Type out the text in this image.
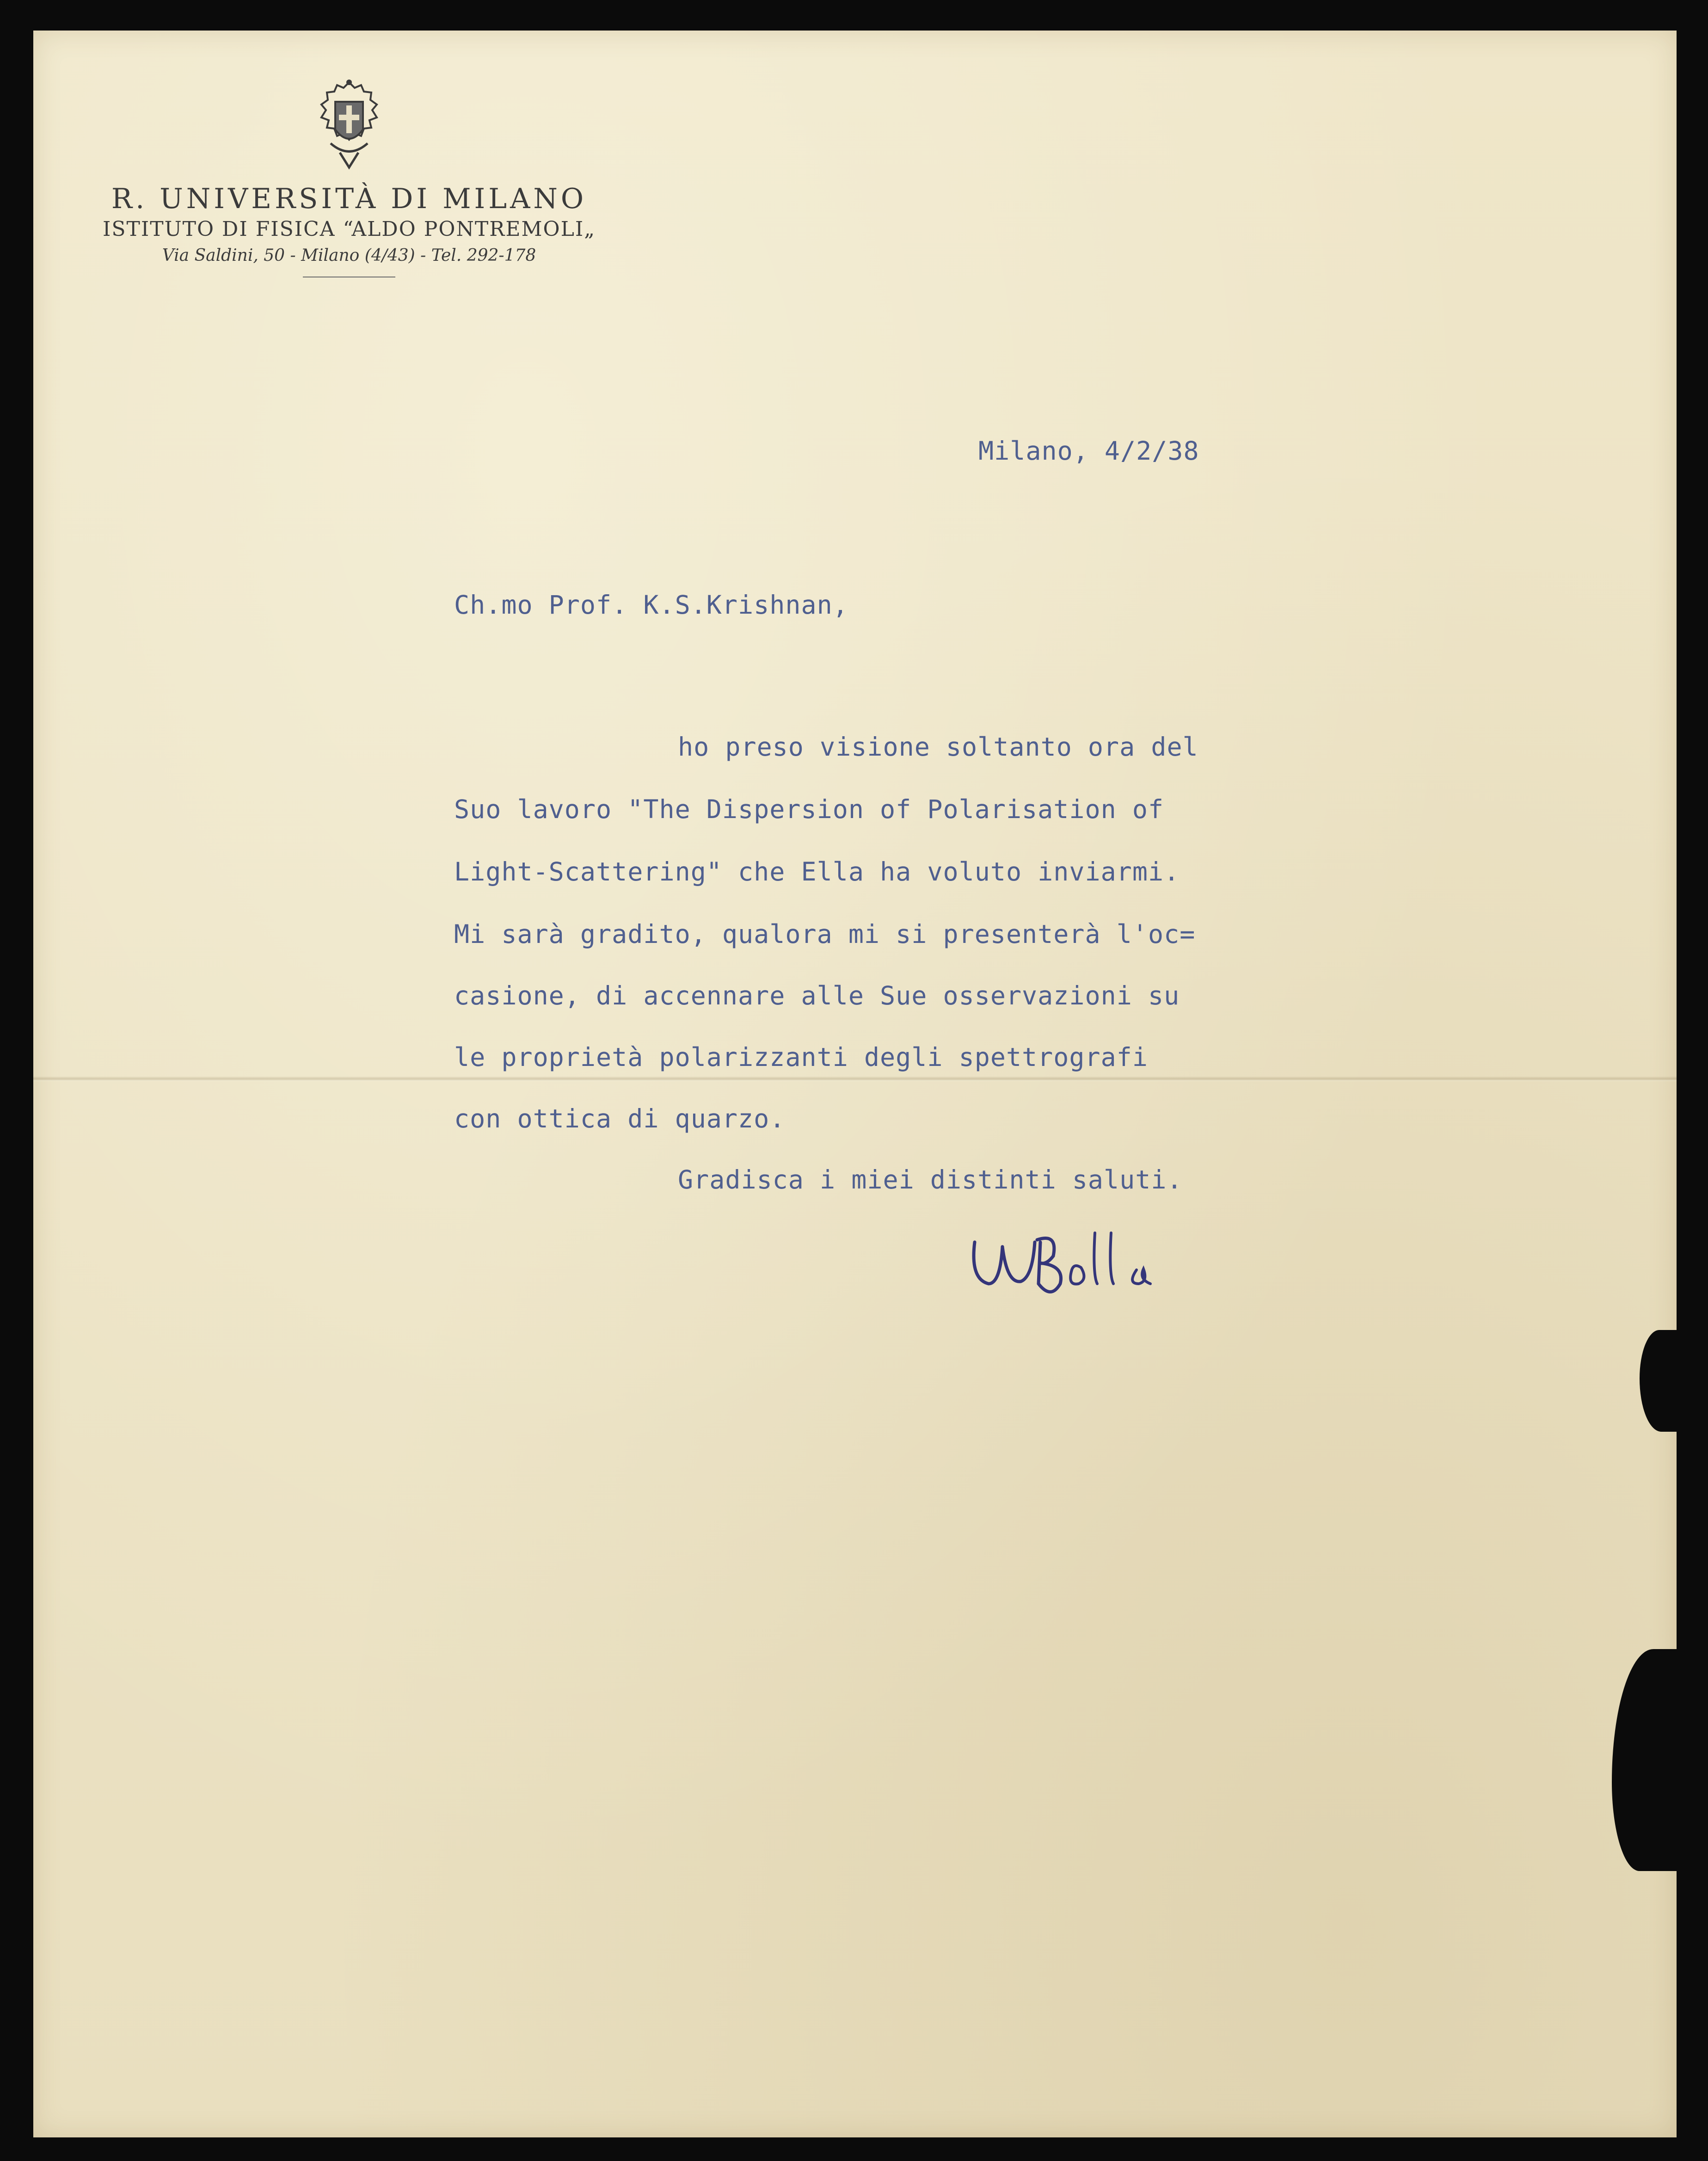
R. UNIVERSITÀ DI MILANO
ISTITUTO DI FISICA “ALDO PONTREMOLI„
Via Saldini, 50 - Milano (4/43) - Tel. 292-178
Milano, 4/2/38
Ch.mo Prof. K.S.Krishnan,
ho preso visione soltanto ora del
Suo lavoro "The Dispersion of Polarisation of
Light-Scattering" che Ella ha voluto inviarmi.
Mi sarà gradito, qualora mi si presenterà l'oc=
casione, di accennare alle Sue osservazioni su
le proprietà polarizzanti degli spettrografi
con ottica di quarzo.
Gradisca i miei distinti saluti.
